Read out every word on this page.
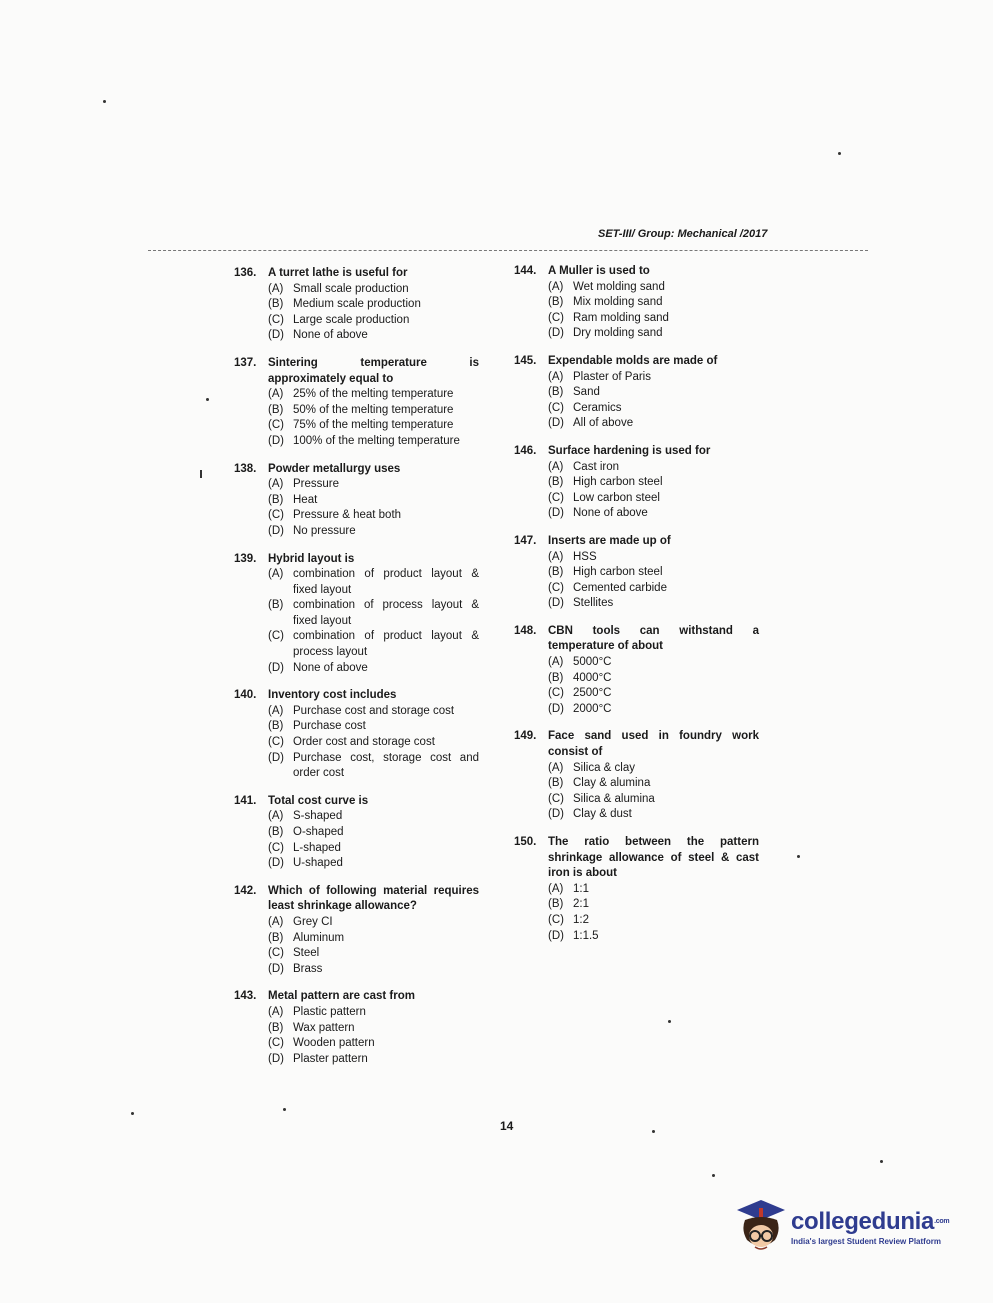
SET-III/ Group: Mechanical /2017
136.	A turret lathe is useful for
(A) Small scale production
(B) Medium scale production
(C) Large scale production
(D) None of above
137.	Sintering temperature is approximately equal to
(A) 25% of the melting temperature
(B) 50% of the melting temperature
(C) 75% of the melting temperature
(D) 100% of the melting temperature
138.	Powder metallurgy uses
(A) Pressure
(B) Heat
(C) Pressure & heat both
(D) No pressure
139.	Hybrid layout is
(A) combination of product layout & fixed layout
(B) combination of process layout & fixed layout
(C) combination of product layout & process layout
(D) None of above
140.	Inventory cost includes
(A) Purchase cost and storage cost
(B) Purchase cost
(C) Order cost and storage cost
(D) Purchase cost, storage cost and order cost
141.	Total cost curve is
(A) S-shaped
(B) O-shaped
(C) L-shaped
(D) U-shaped
142.	Which of following material requires least shrinkage allowance?
(A) Grey CI
(B) Aluminum
(C) Steel
(D) Brass
143.	Metal pattern are cast from
(A) Plastic pattern
(B) Wax pattern
(C) Wooden pattern
(D) Plaster pattern
144.	A Muller is used to
(A) Wet molding sand
(B) Mix molding sand
(C) Ram molding sand
(D) Dry molding sand
145.	Expendable molds are made of
(A) Plaster of Paris
(B) Sand
(C) Ceramics
(D) All of above
146.	Surface hardening is used for
(A) Cast iron
(B) High carbon steel
(C) Low carbon steel
(D) None of above
147.	Inserts are made up of
(A) HSS
(B) High carbon steel
(C) Cemented carbide
(D) Stellites
148.	CBN tools can withstand a temperature of about
(A) 5000°C
(B) 4000°C
(C) 2500°C
(D) 2000°C
149.	Face sand used in foundry work consist of
(A) Silica & clay
(B) Clay & alumina
(C) Silica & alumina
(D) Clay & dust
150.	The ratio between the pattern shrinkage allowance of steel & cast iron is about
(A) 1:1
(B) 2:1
(C) 1:2
(D) 1:1.5
14
collegedunia$^{.com}$
India's largest Student Review Platform
